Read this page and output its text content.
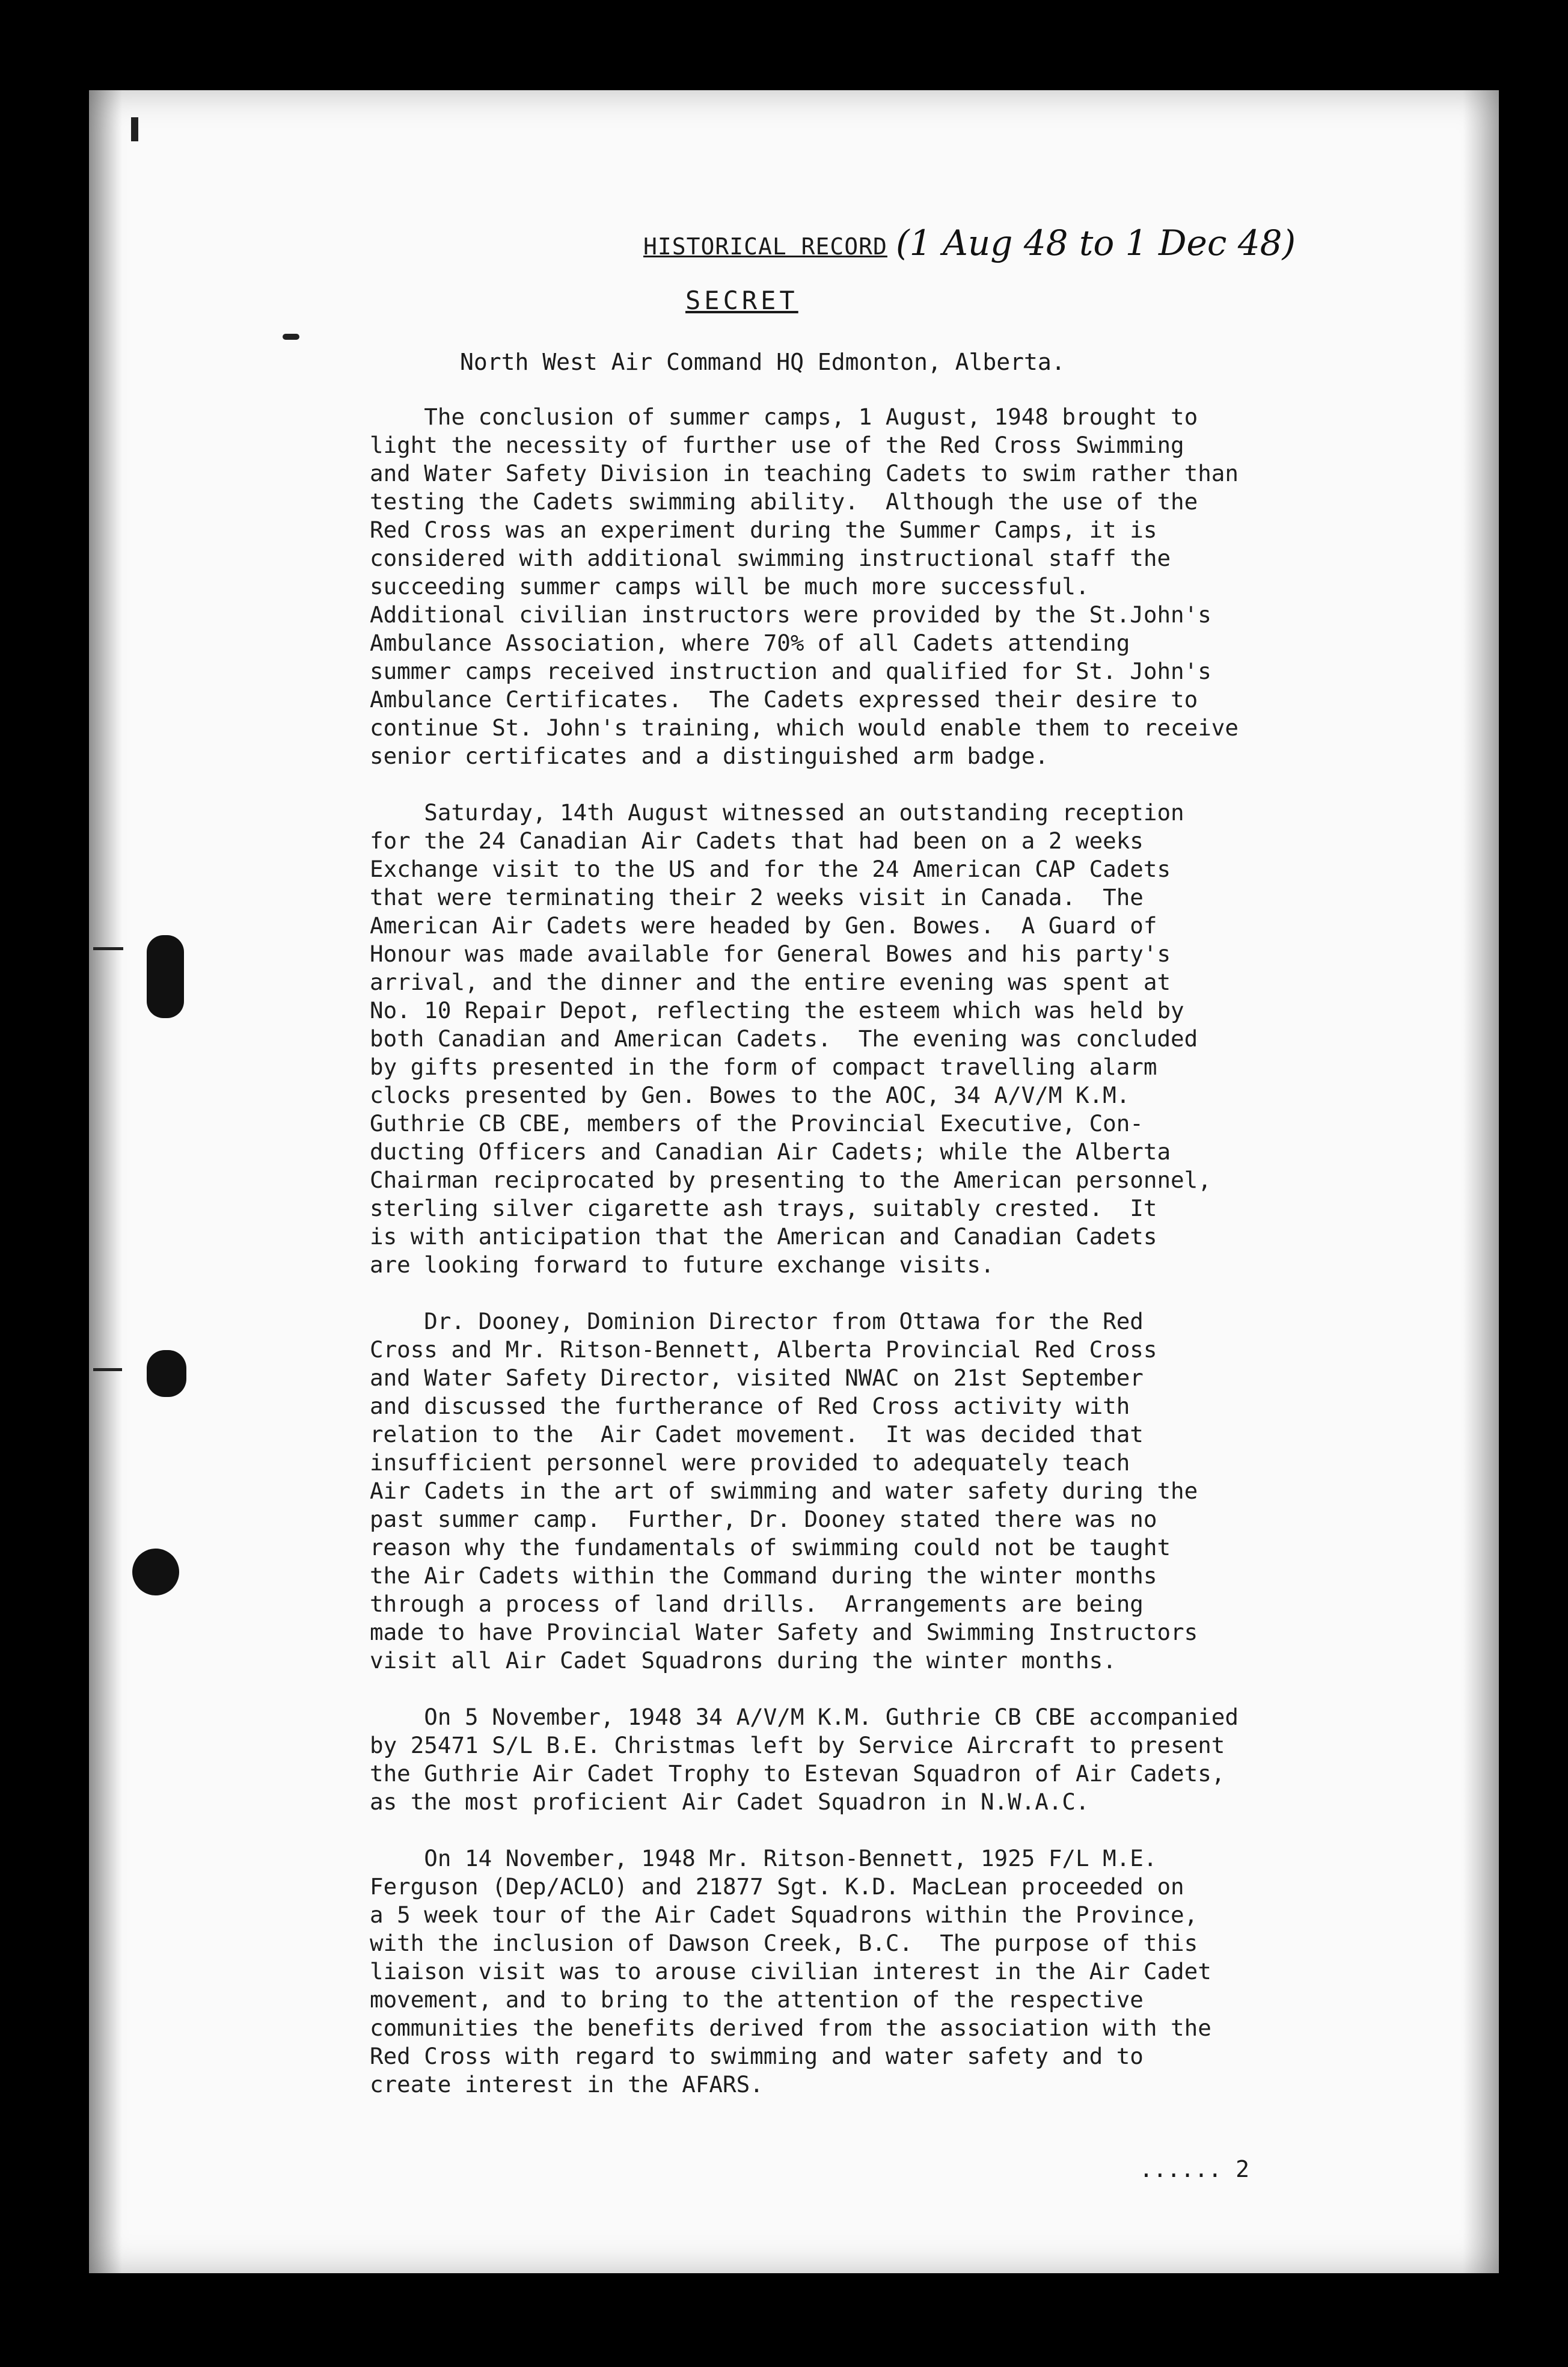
HISTORICAL RECORD (1 Aug 48 to 1 Dec 48)
SECRET
North West Air Command HQ Edmonton, Alberta.

The conclusion of summer camps, 1 August, 1948 brought to
light the necessity of further use of the Red Cross Swimming
and Water Safety Division in teaching Cadets to swim rather than
testing the Cadets swimming ability.  Although the use of the
Red Cross was an experiment during the Summer Camps, it is
considered with additional swimming instructional staff the
succeeding summer camps will be much more successful.
Additional civilian instructors were provided by the St.John's
Ambulance Association, where 70% of all Cadets attending
summer camps received instruction and qualified for St. John's
Ambulance Certificates.  The Cadets expressed their desire to
continue St. John's training, which would enable them to receive
senior certificates and a distinguished arm badge.

Saturday, 14th August witnessed an outstanding reception
for the 24 Canadian Air Cadets that had been on a 2 weeks
Exchange visit to the US and for the 24 American CAP Cadets
that were terminating their 2 weeks visit in Canada.  The
American Air Cadets were headed by Gen. Bowes.  A Guard of
Honour was made available for General Bowes and his party's
arrival, and the dinner and the entire evening was spent at
No. 10 Repair Depot, reflecting the esteem which was held by
both Canadian and American Cadets.  The evening was concluded
by gifts presented in the form of compact travelling alarm
clocks presented by Gen. Bowes to the AOC, 34 A/V/M K.M.
Guthrie CB CBE, members of the Provincial Executive, Con-
ducting Officers and Canadian Air Cadets; while the Alberta
Chairman reciprocated by presenting to the American personnel,
sterling silver cigarette ash trays, suitably crested.  It
is with anticipation that the American and Canadian Cadets
are looking forward to future exchange visits.

Dr. Dooney, Dominion Director from Ottawa for the Red
Cross and Mr. Ritson-Bennett, Alberta Provincial Red Cross
and Water Safety Director, visited NWAC on 21st September
and discussed the furtherance of Red Cross activity with
relation to the  Air Cadet movement.  It was decided that
insufficient personnel were provided to adequately teach
Air Cadets in the art of swimming and water safety during the
past summer camp.  Further, Dr. Dooney stated there was no
reason why the fundamentals of swimming could not be taught
the Air Cadets within the Command during the winter months
through a process of land drills.  Arrangements are being
made to have Provincial Water Safety and Swimming Instructors
visit all Air Cadet Squadrons during the winter months.

On 5 November, 1948 34 A/V/M K.M. Guthrie CB CBE accompanied
by 25471 S/L B.E. Christmas left by Service Aircraft to present
the Guthrie Air Cadet Trophy to Estevan Squadron of Air Cadets,
as the most proficient Air Cadet Squadron in N.W.A.C.

On 14 November, 1948 Mr. Ritson-Bennett, 1925 F/L M.E.
Ferguson (Dep/ACLO) and 21877 Sgt. K.D. MacLean proceeded on
a 5 week tour of the Air Cadet Squadrons within the Province,
with the inclusion of Dawson Creek, B.C.  The purpose of this
liaison visit was to arouse civilian interest in the Air Cadet
movement, and to bring to the attention of the respective
communities the benefits derived from the association with the
Red Cross with regard to swimming and water safety and to
create interest in the AFARS.

...... 2
